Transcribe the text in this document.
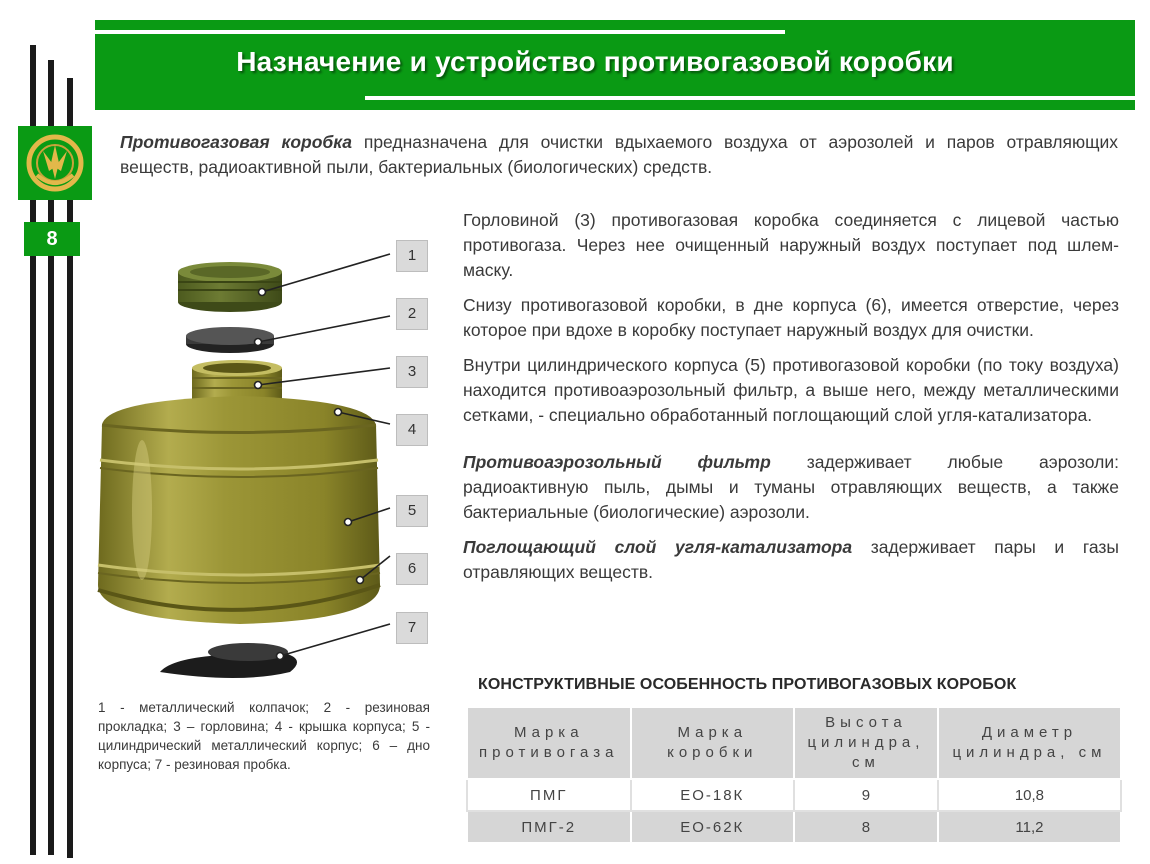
Назначение и устройство противогазовой коробки
8
Противогазовая коробка предназначена для очистки вдыхаемого воздуха от аэрозолей и паров отравляющих веществ, радиоактивной пыли, бактериальных (биологических) средств.
1
2
3
4
5
6
7
1 - металлический колпачок; 2 - резиновая прокладка; 3 – горловина; 4 - крышка корпуса; 5 - цилиндрический металлический корпус; 6 – дно корпуса; 7 - резиновая пробка.

Горловиной (3) противогазовая коробка соединяется с лицевой частью противогаза. Через нее очищенный наружный воздух поступает под шлем-маску.

Снизу противогазовой коробки, в дне корпуса (6), имеется отверстие, через которое при вдохе в коробку поступает наружный воздух для очистки.

Внутри цилиндрического корпуса (5) противогазовой коробки (по току воздуха) находится противоаэрозольный фильтр, а выше него, между металлическими сетками, - специально обработанный поглощающий слой угля-катализатора.

Противоаэрозольный фильтр задерживает любые аэрозоли: радиоактивную пыль, дымы и туманы отравляющих веществ, а также бактериальные (биологические) аэрозоли.

Поглощающий слой угля-катализатора задерживает пары и газы отравляющих веществ.

КОНСТРУКТИВНЫЕ ОСОБЕННОСТЬ ПРОТИВОГАЗОВЫХ КОРОБОК
Марка противогаза	Марка коробки	Высота цилиндра, см	Диаметр цилиндра, см
ПМГ	ЕО-18К	9	10,8
ПМГ-2	ЕО-62К	8	11,2
